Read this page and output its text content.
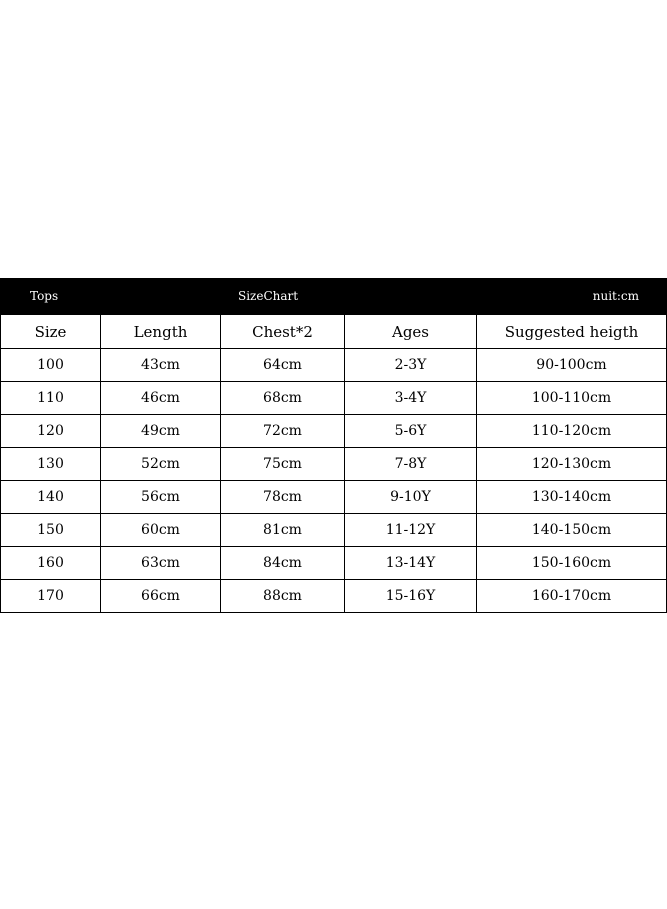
Tops	SizeChart	nuit:cm
Size	Length	Chest*2	Ages	Suggested heigth
100	43cm	64cm	2-3Y	90-100cm
110	46cm	68cm	3-4Y	100-110cm
120	49cm	72cm	5-6Y	110-120cm
130	52cm	75cm	7-8Y	120-130cm
140	56cm	78cm	9-10Y	130-140cm
150	60cm	81cm	11-12Y	140-150cm
160	63cm	84cm	13-14Y	150-160cm
170	66cm	88cm	15-16Y	160-170cm
